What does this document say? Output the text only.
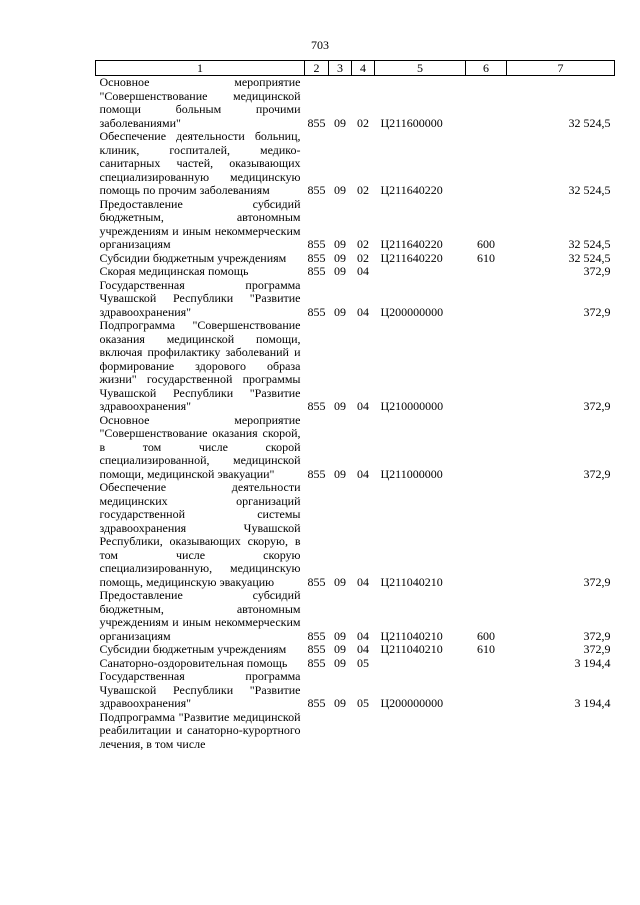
703
1	2	3	4	5	6	7
Основное мероприятие "Совершенствование медицинской помощи больным прочими заболеваниями"	855	09	02	Ц211600000		32 524,5
Обеспечение деятельности больниц, клиник, госпиталей, медико-санитарных частей, оказывающих специализированную медицинскую помощь по прочим заболеваниям	855	09	02	Ц211640220		32 524,5
Предоставление субсидий бюджетным, автономным учреждениям и иным некоммерческим организациям	855	09	02	Ц211640220	600	32 524,5
Субсидии бюджетным учреждениям	855	09	02	Ц211640220	610	32 524,5
Скорая медицинская помощь	855	09	04			372,9
Государственная программа Чувашской Республики "Развитие здравоохранения"	855	09	04	Ц200000000		372,9
Подпрограмма "Совершенствование оказания медицинской помощи, включая профилактику заболеваний и формирование здорового образа жизни" государственной программы Чувашской Республики "Развитие здравоохранения"	855	09	04	Ц210000000		372,9
Основное мероприятие "Совершенствование оказания скорой, в том числе скорой специализированной, медицинской помощи, медицинской эвакуации"	855	09	04	Ц211000000		372,9
Обеспечение деятельности медицинских организаций государственной системы здравоохранения Чувашской Республики, оказывающих скорую, в том числе скорую специализированную, медицинскую помощь, медицинскую эвакуацию	855	09	04	Ц211040210		372,9
Предоставление субсидий бюджетным, автономным учреждениям и иным некоммерческим организациям	855	09	04	Ц211040210	600	372,9
Субсидии бюджетным учреждениям	855	09	04	Ц211040210	610	372,9
Санаторно-оздоровительная помощь	855	09	05			3 194,4
Государственная программа Чувашской Республики "Развитие здравоохранения"	855	09	05	Ц200000000		3 194,4
Подпрограмма "Развитие медицинской реабилитации и санаторно-курортного лечения, в том числе						
